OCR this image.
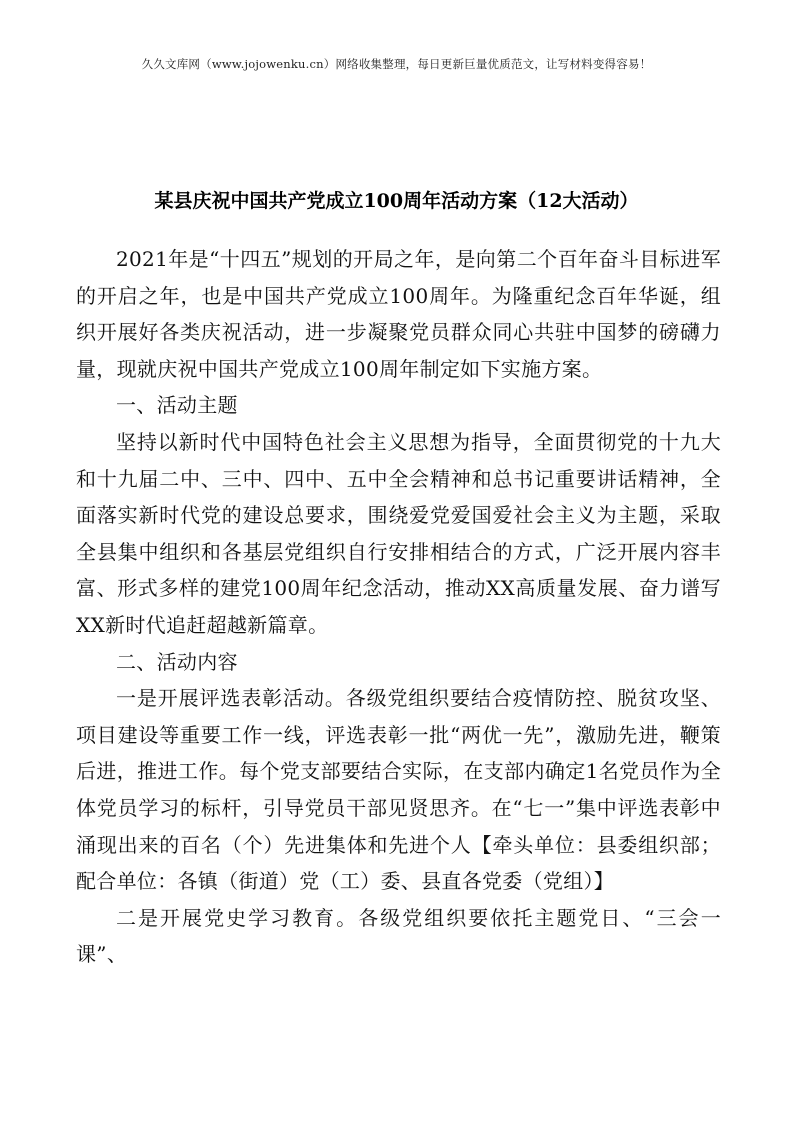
久久文库网（www.jojowenku.cn）网络收集整理，每日更新巨量优质范文，让写材料变得容易！
某县庆祝中国共产党成立100周年活动方案（12大活动）

2021年是“十四五”规划的开局之年，是向第二个百年奋斗目标进军的开启之年，也是中国共产党成立100周年。为隆重纪念百年华诞，组织开展好各类庆祝活动，进一步凝聚党员群众同心共驻中国梦的磅礴力量，现就庆祝中国共产党成立100周年制定如下实施方案。

一、活动主题

坚持以新时代中国特色社会主义思想为指导，全面贯彻党的十九大和十九届二中、三中、四中、五中全会精神和总书记重要讲话精神，全面落实新时代党的建设总要求，围绕爱党爱国爱社会主义为主题，采取全县集中组织和各基层党组织自行安排相结合的方式，广泛开展内容丰富、形式多样的建党100周年纪念活动，推动XX高质量发展、奋力谱写XX新时代追赶超越新篇章。

二、活动内容

一是开展评选表彰活动。各级党组织要结合疫情防控、脱贫攻坚、项目建设等重要工作一线，评选表彰一批“两优一先”，激励先进，鞭策后进，推进工作。每个党支部要结合实际，在支部内确定1名党员作为全体党员学习的标杆，引导党员干部见贤思齐。在“七一”集中评选表彰中涌现出来的百名（个）先进集体和先进个人【牵头单位：县委组织部；配合单位：各镇（街道）党（工）委、县直各党委（党组）】

二是开展党史学习教育。各级党组织要依托主题党日、“三会一课”、
